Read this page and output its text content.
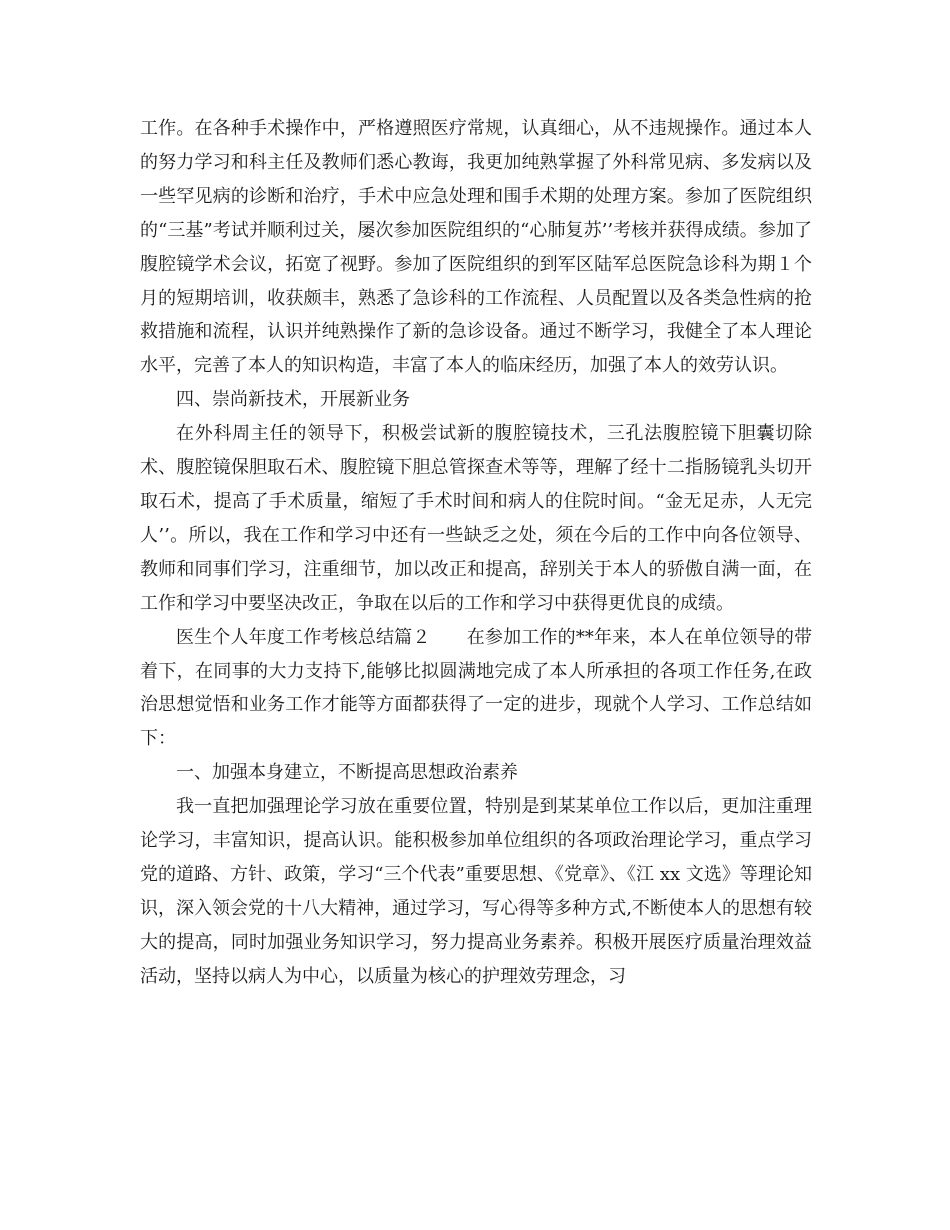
工作。在各种手术操作中，严格遵照医疗常规，认真细心，从不违规操作。通过本人的努力学习和科主任及教师们悉心教诲，我更加纯熟掌握了外科常见病、多发病以及一些罕见病的诊断和治疗，手术中应急处理和围手术期的处理方案。参加了医院组织的“三基”考试并顺利过关，屡次参加医院组织的“心肺复苏’’考核并获得成绩。参加了腹腔镜学术会议，拓宽了视野。参加了医院组织的到军区陆军总医院急诊科为期１个月的短期培训，收获颇丰，熟悉了急诊科的工作流程、人员配置以及各类急性病的抢救措施和流程，认识并纯熟操作了新的急诊设备。通过不断学习，我健全了本人理论水平，完善了本人的知识构造，丰富了本人的临床经历，加强了本人的效劳认识。

四、崇尚新技术，开展新业务

在外科周主任的领导下，积极尝试新的腹腔镜技术，三孔法腹腔镜下胆囊切除术、腹腔镜保胆取石术、腹腔镜下胆总管探查术等等，理解了经十二指肠镜乳头切开取石术，提高了手术质量，缩短了手术时间和病人的住院时间。“金无足赤，人无完人’’。所以，我在工作和学习中还有一些缺乏之处，须在今后的工作中向各位领导、教师和同事们学习，注重细节，加以改正和提高，辞别关于本人的骄傲自满一面，在工作和学习中要坚决改正，争取在以后的工作和学习中获得更优良的成绩。

医生个人年度工作考核总结篇２ 在参加工作的**年来，本人在单位领导的带着下，在同事的大力支持下,能够比拟圆满地完成了本人所承担的各项工作任务,在政治思想觉悟和业务工作才能等方面都获得了一定的进步，现就个人学习、工作总结如下：

一、加强本身建立，不断提高思想政治素养

我一直把加强理论学习放在重要位置，特别是到某某单位工作以后，更加注重理论学习，丰富知识，提高认识。能积极参加单位组织的各项政治理论学习，重点学习党的道路、方针、政策，学习“三个代表”重要思想、《党章》、《江 xx 文选》等理论知识，深入领会党的十八大精神，通过学习，写心得等多种方式,不断使本人的思想有较大的提高，同时加强业务知识学习，努力提高业务素养。积极开展医疗质量治理效益活动，坚持以病人为中心，以质量为核心的护理效劳理念，习
